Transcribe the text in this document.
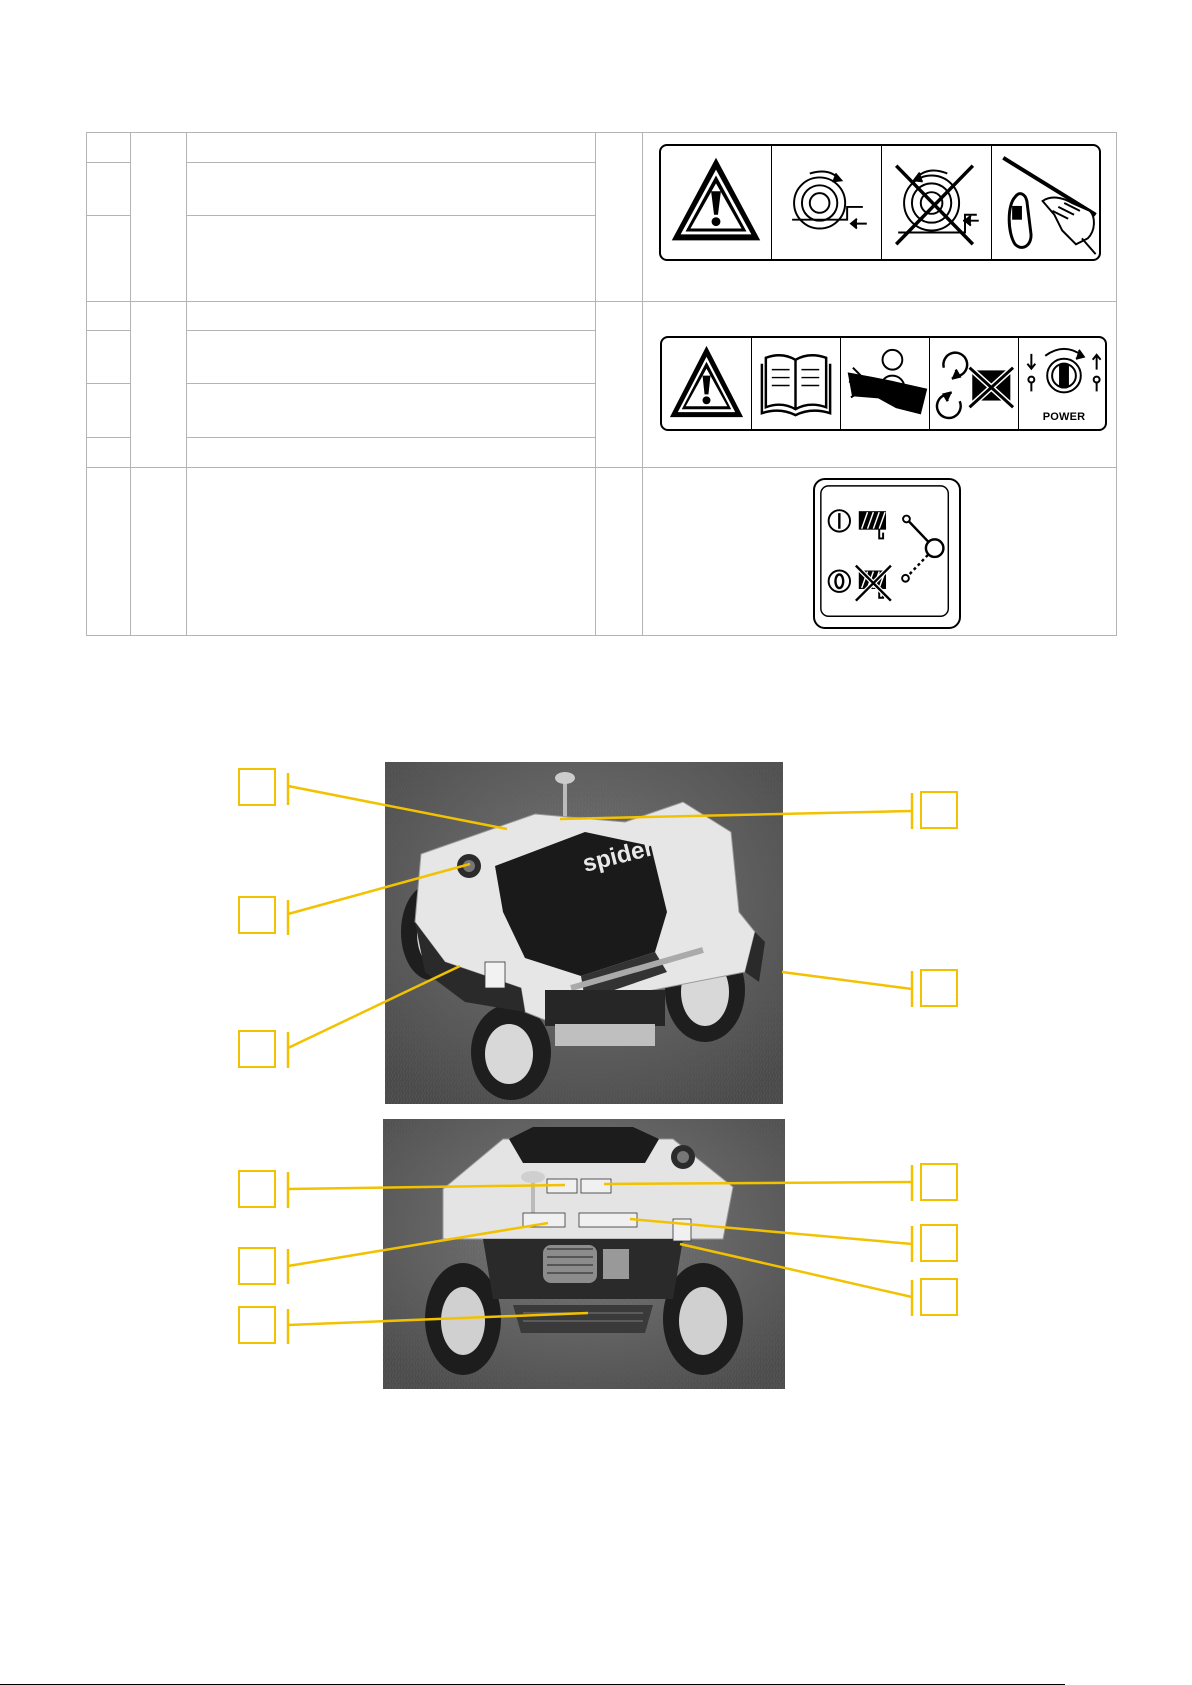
POWER
spider
